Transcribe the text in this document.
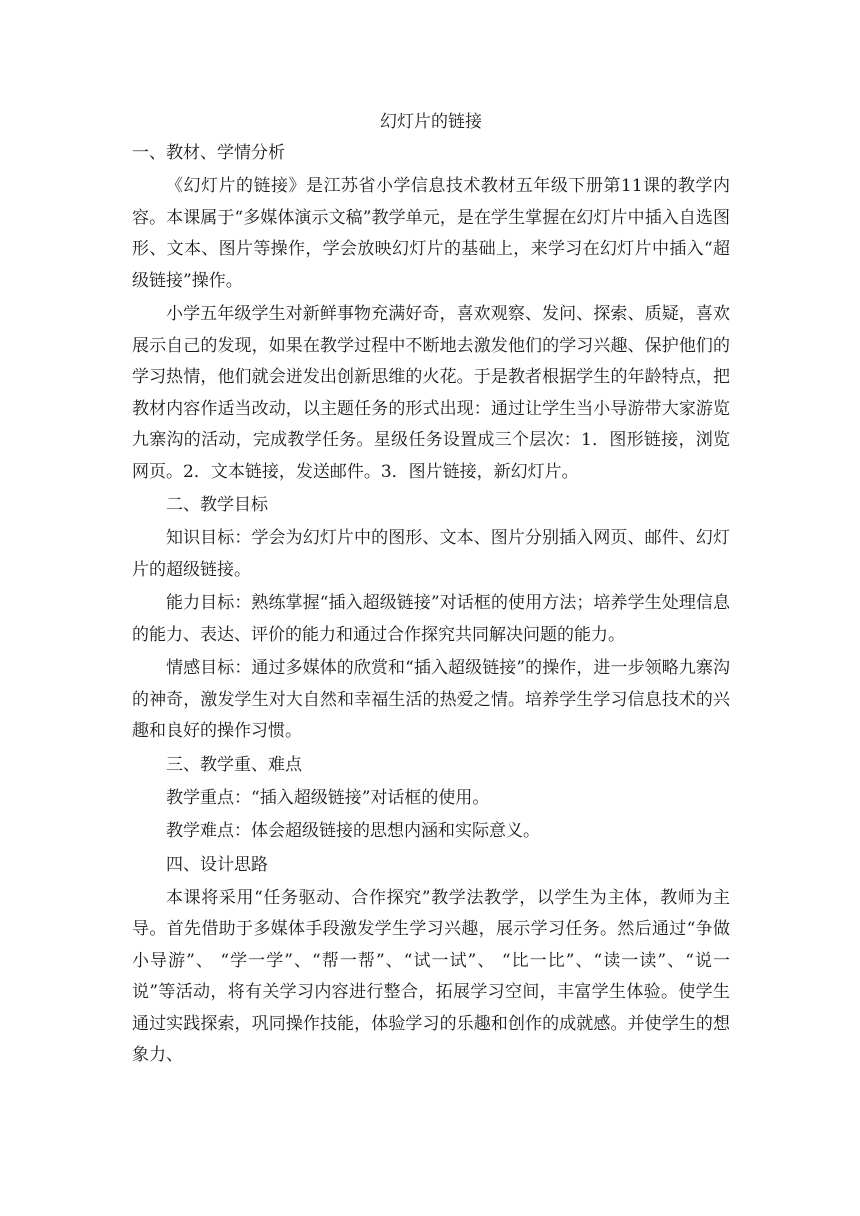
幻灯片的链接
一、教材、学情分析

《幻灯片的链接》是江苏省小学信息技术教材五年级下册第11课的教学内容。本课属于“多媒体演示文稿”教学单元，是在学生掌握在幻灯片中插入自选图形、文本、图片等操作，学会放映幻灯片的基础上，来学习在幻灯片中插入“超级链接”操作。

小学五年级学生对新鲜事物充满好奇，喜欢观察、发问、探索、质疑，喜欢展示自己的发现，如果在教学过程中不断地去激发他们的学习兴趣、保护他们的学习热情，他们就会迸发出创新思维的火花。于是教者根据学生的年龄特点，把教材内容作适当改动，以主题任务的形式出现：通过让学生当小导游带大家游览九寨沟的活动，完成教学任务。星级任务设置成三个层次：1．图形链接，浏览网页。2．文本链接，发送邮件。3．图片链接，新幻灯片。

二、教学目标

知识目标：学会为幻灯片中的图形、文本、图片分别插入网页、邮件、幻灯片的超级链接。

能力目标：熟练掌握“插入超级链接”对话框的使用方法；培养学生处理信息的能力、表达、评价的能力和通过合作探究共同解决问题的能力。

情感目标：通过多媒体的欣赏和“插入超级链接”的操作，进一步领略九寨沟的神奇，激发学生对大自然和幸福生活的热爱之情。培养学生学习信息技术的兴趣和良好的操作习惯。

三、教学重、难点

教学重点：“插入超级链接”对话框的使用。

教学难点：体会超级链接的思想内涵和实际意义。

四、设计思路

本课将采用“任务驱动、合作探究”教学法教学，以学生为主体，教师为主导。首先借助于多媒体手段激发学生学习兴趣，展示学习任务。然后通过“争做小导游”、 “学一学”、“帮一帮”、“试一试”、 “比一比”、“读一读”、“说一说”等活动，将有关学习内容进行整合，拓展学习空间，丰富学生体验。使学生通过实践探索，巩同操作技能，体验学习的乐趣和创作的成就感。并使学生的想象力、
